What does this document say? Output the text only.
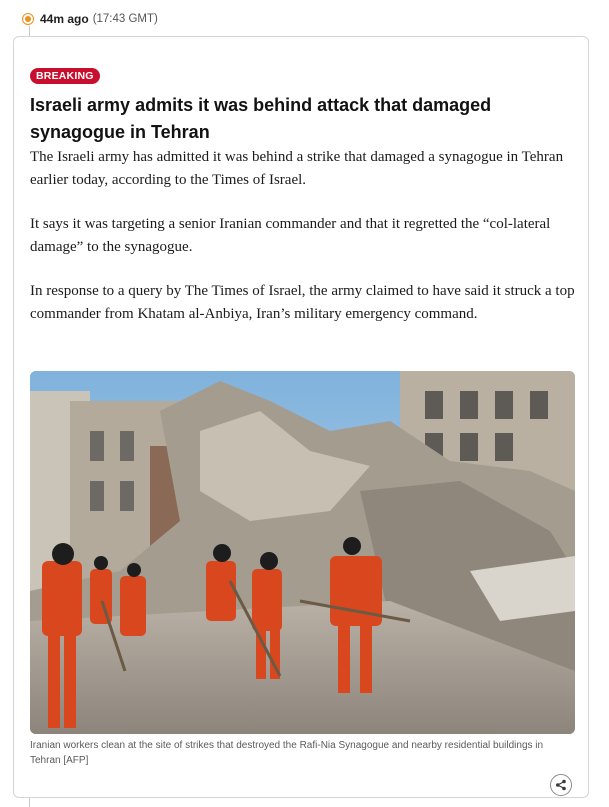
44m ago (17:43 GMT)
BREAKING
Israeli army admits it was behind attack that damaged synagogue in Tehran

The Israeli army has admitted it was behind a strike that damaged a synagogue in Tehran earlier today, according to the Times of Israel.

It says it was targeting a senior Iranian commander and that it regretted the “col-lateral damage” to the synagogue.

In response to a query by The Times of Israel, the army claimed to have said it struck a top commander from Khatam al-Anbiya, Iran’s military emergency command.

Iranian workers clean at the site of strikes that destroyed the Rafi-Nia Synagogue and nearby residential buildings in Tehran [AFP]
